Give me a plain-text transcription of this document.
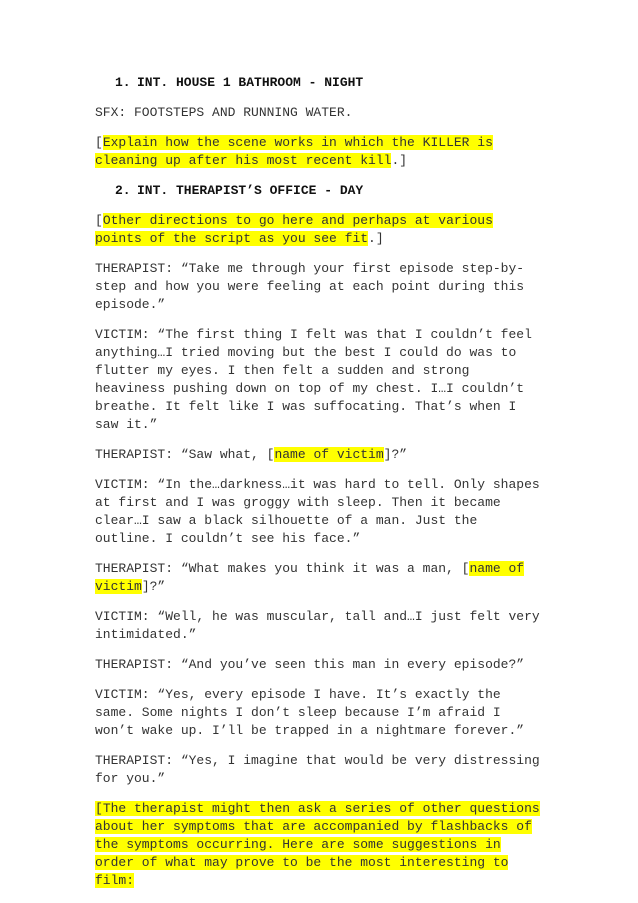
1. INT. HOUSE 1 BATHROOM - NIGHT
SFX: FOOTSTEPS AND RUNNING WATER.
[Explain how the scene works in which the KILLER is cleaning up after his most recent kill.]
2. INT. THERAPIST’S OFFICE - DAY
[Other directions to go here and perhaps at various points of the script as you see fit.]
THERAPIST: “Take me through your first episode step-by-step and how you were feeling at each point during this episode.”
VICTIM: “The first thing I felt was that I couldn’t feel anything…I tried moving but the best I could do was to flutter my eyes. I then felt a sudden and strong heaviness pushing down on top of my chest. I…I couldn’t breathe. It felt like I was suffocating. That’s when I saw it.”
THERAPIST: “Saw what, [name of victim]?”
VICTIM: “In the…darkness…it was hard to tell. Only shapes at first and I was groggy with sleep. Then it became clear…I saw a black silhouette of a man. Just the outline. I couldn’t see his face.”
THERAPIST: “What makes you think it was a man, [name of victim]?”
VICTIM: “Well, he was muscular, tall and…I just felt very intimidated.”
THERAPIST: “And you’ve seen this man in every episode?”
VICTIM: “Yes, every episode I have. It’s exactly the same. Some nights I don’t sleep because I’m afraid I won’t wake up. I’ll be trapped in a nightmare forever.”
THERAPIST: “Yes, I imagine that would be very distressing for you.”
[The therapist might then ask a series of other questions about her symptoms that are accompanied by flashbacks of the symptoms occurring. Here are some suggestions in order of what may prove to be the most interesting to film:
